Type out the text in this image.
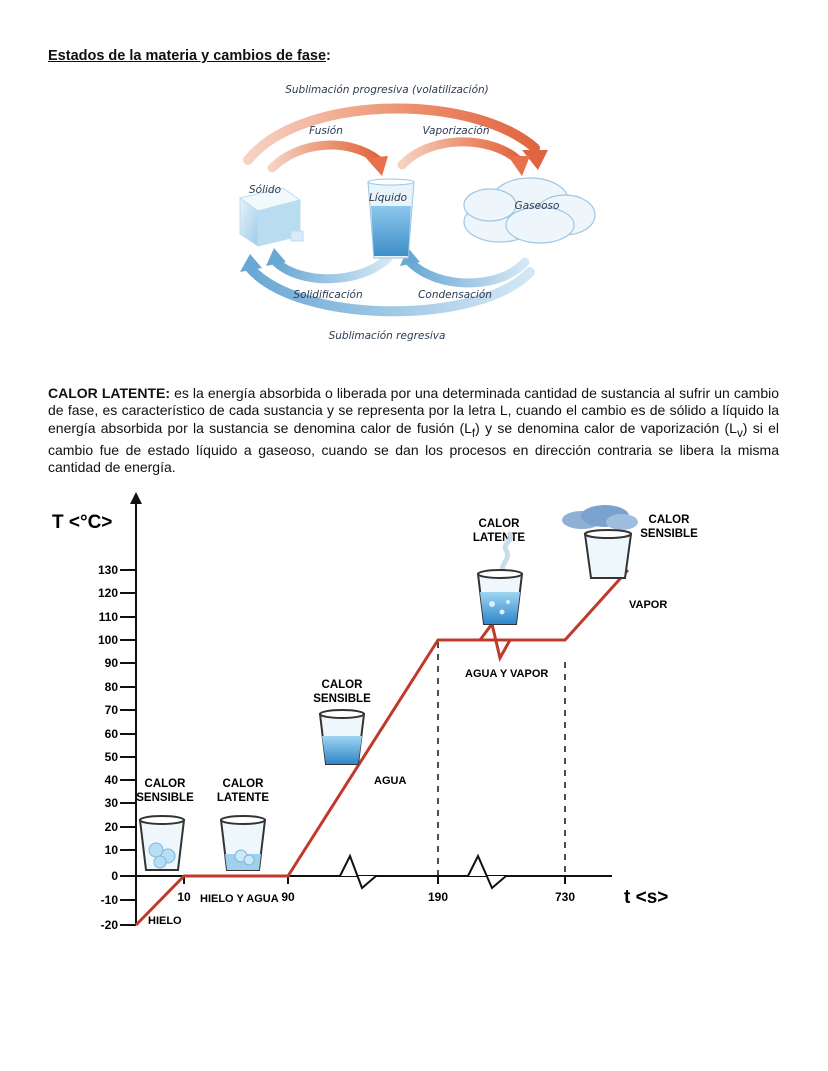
Estados de la materia y cambios de fase:
Sublimación progresiva (volatilización)
Fusión	Vaporización
Sólido
Líquido
Gaseoso
Solidificación	Condensación
Sublimación regresiva
CALOR LATENTE: es la energía absorbida o liberada por una determinada cantidad de sustancia al sufrir un cambio de fase, es característico de cada sustancia y se representa por la letra L, cuando el cambio es de sólido a líquido la energía absorbida por la sustancia se denomina calor de fusión $(L_f)$ y se denomina calor de vaporización $(L_v)$ si el cambio fue de estado líquido a gaseoso, cuando se dan los procesos en dirección contraria se libera la misma cantidad de energía.
130
120
110
100
90
80
70
60
50
40
30
20
10
0
-10
-20
10	90	190	730
T <°C>
t <s>
HIELO
HIELO Y AGUA
AGUA
AGUA Y VAPOR
VAPOR
CALOR
SENSIBLE
CALOR
LATENTE
CALOR
SENSIBLE
CALOR
LATENTE
CALOR
SENSIBLE
